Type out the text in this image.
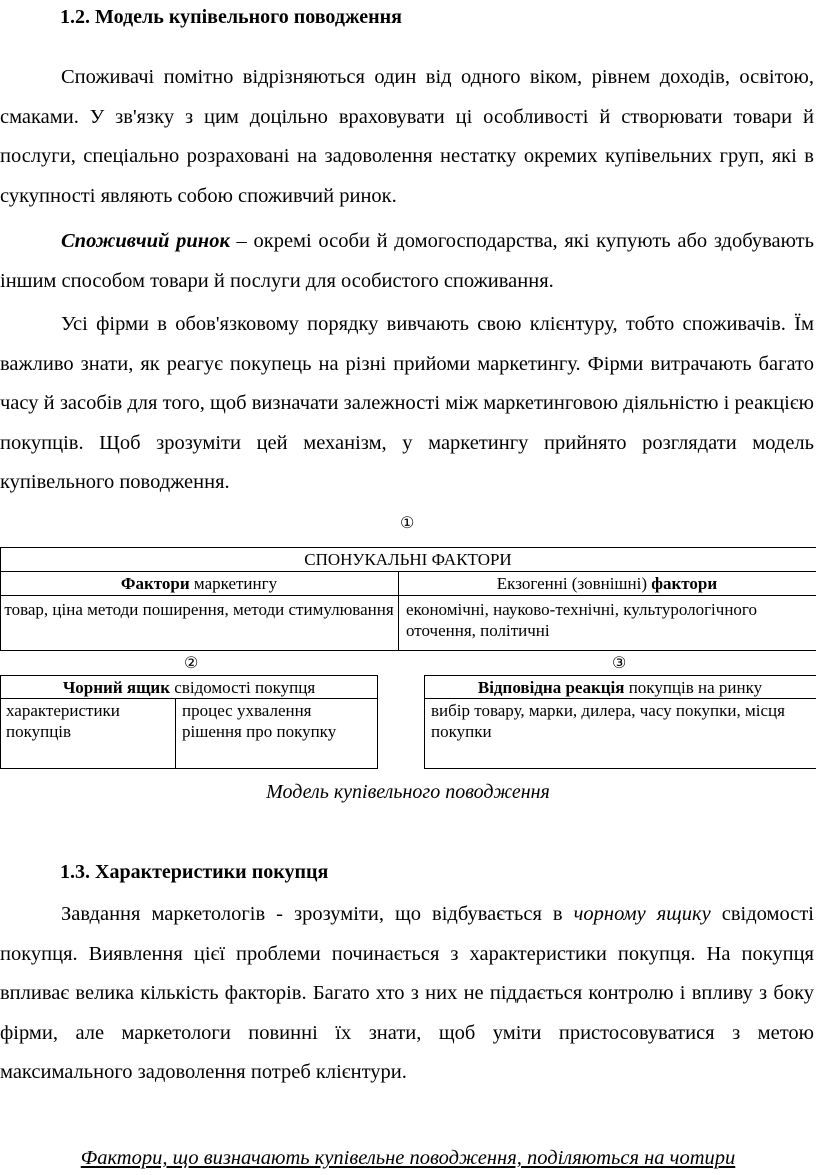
1.2. Модель купівельного поводження

Споживачі помітно відрізняються один від одного віком, рівнем доходів, освітою, смаками. У зв'язку з цим доцільно враховувати ці особливості й створювати товари й послуги, спеціально розраховані на задоволення нестатку окремих купівельних груп, які в сукупності являють собою споживчий ринок.

Споживчий ринок – окремі особи й домогосподарства, які купують або здобувають іншим способом товари й послуги для особистого споживання.

Усі фірми в обов'язковому порядку вивчають свою клієнтуру, тобто споживачів. Їм важливо знати, як реагує покупець на різні прийоми маркетингу. Фірми витрачають багато часу й засобів для того, щоб визначати залежності між маркетинговою діяльністю і реакцією покупців. Щоб зрозуміти цей механізм, у маркетингу прийнято розглядати модель купівельного поводження.

①
СПОНУКАЛЬНІ ФАКТОРИ
Фактори маркетингу	Екзогенні (зовнішні) фактори
товар, ціна методи поширення, методи стимулювання економічні, науково-технічні, культурологічного оточення, політичні
②	③
Чорний ящик свідомості покупця
характеристики покупців
процес ухвалення рішення про покупку
Відповідна реакція покупців на ринку
вибір товару, марки, дилера, часу покупки, місця покупки
Модель купівельного поводження
1.3. Характеристики покупця

Завдання маркетологів - зрозуміти, що відбувається в чорному ящику свідомості покупця. Виявлення цієї проблеми починається з характеристики покупця. На покупця впливає велика кількість факторів. Багато хто з них не піддається контролю і впливу з боку фірми, але маркетологи повинні їх знати, щоб уміти пристосовуватися з метою максимального задоволення потреб клієнтури.

Фактори, що визначають купівельне поводження, поділяються на чотири
